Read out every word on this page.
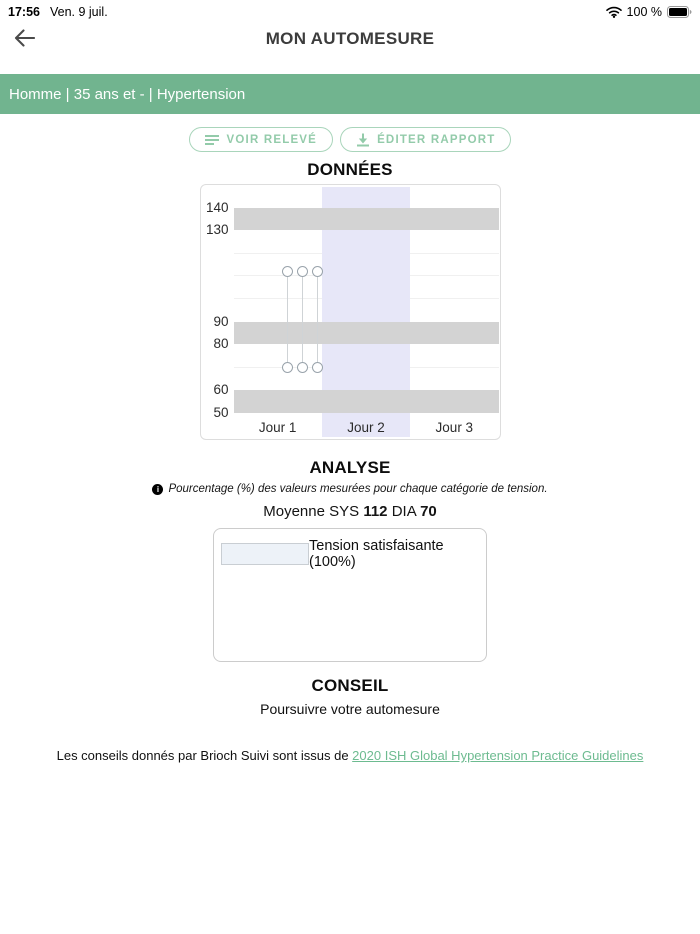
17:56 Ven. 9 juil.	100 %
MON AUTOMESURE
Homme | 35 ans et - | Hypertension
VOIR RELEVÉ	ÉDITER RAPPORT
DONNÉES
140
130
90
80
60
50
Jour 1	Jour 2	Jour 3
ANALYSE
i Pourcentage (%) des valeurs mesurées pour chaque catégorie de tension.
Moyenne SYS 112 DIA 70
Tension satisfaisante (100%)
CONSEIL
Poursuivre votre automesure
Les conseils donnés par Brioch Suivi sont issus de 2020 ISH Global Hypertension Practice Guidelines
